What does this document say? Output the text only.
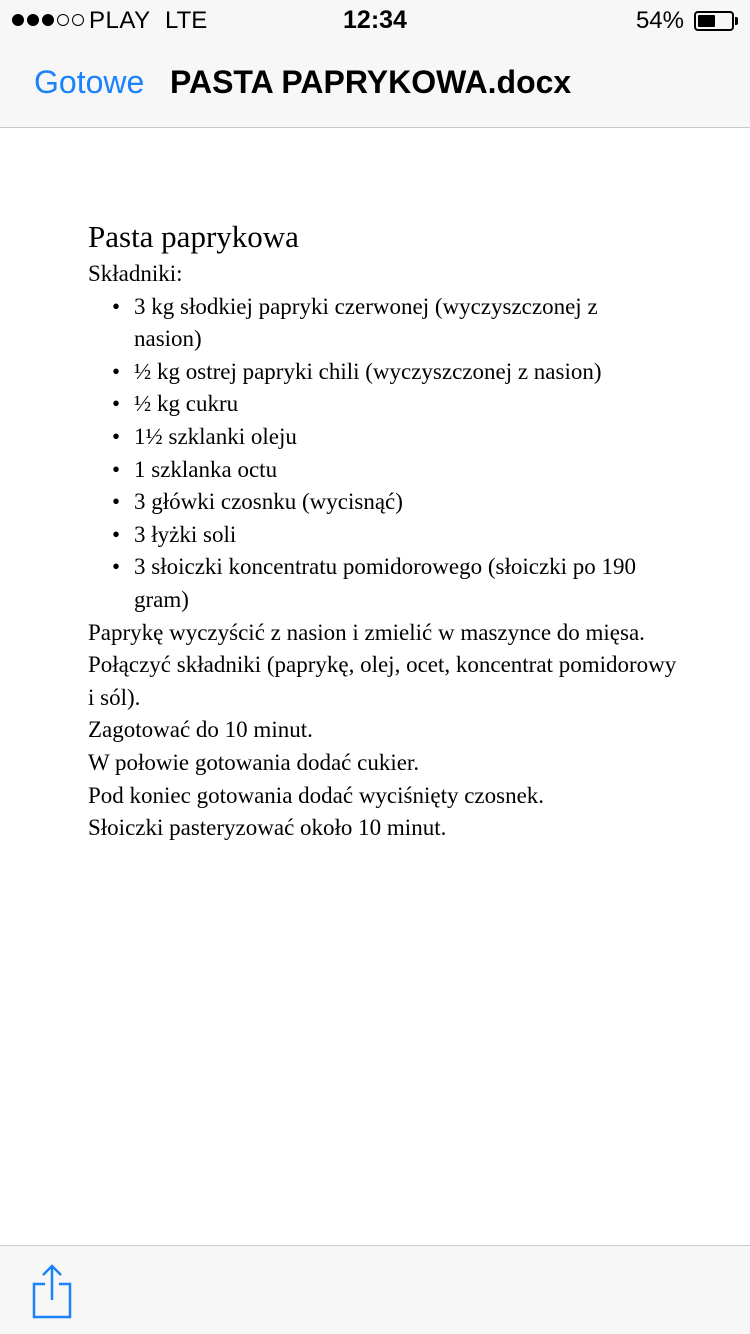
PLAY LTE	12:34	54%
Gotowe PASTA PAPRYKOWA.docx

Pasta paprykowa

Składniki:

• 3 kg słodkiej papryki czerwonej (wyczyszczonej z nasion)
• ½ kg ostrej papryki chili (wyczyszczonej z nasion)
• ½ kg cukru
• 1½ szklanki oleju
• 1 szklanka octu
• 3 główki czosnku (wycisnąć)
• 3 łyżki soli
• 3 słoiczki koncentratu pomidorowego (słoiczki po 190 gram)

Paprykę wyczyścić z nasion i zmielić w maszynce do mięsa.

Połączyć składniki (paprykę, olej, ocet, koncentrat pomidorowy i sól).

Zagotować do 10 minut.

W połowie gotowania dodać cukier.

Pod koniec gotowania dodać wyciśnięty czosnek.

Słoiczki pasteryzować około 10 minut.
